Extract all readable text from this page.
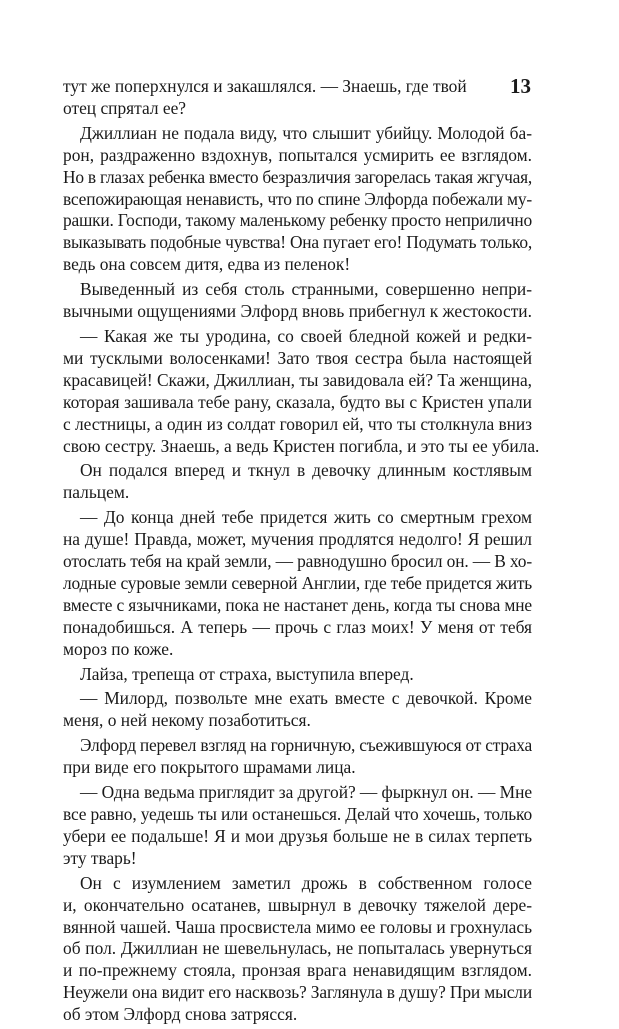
13
тут же поперхнулся и закашлялся. — Знаешь, где твой
отец спрятал ее?
Джиллиан не подала виду, что слышит убийцу. Молодой ба-
рон, раздраженно вздохнув, попытался усмирить ее взглядом.
Но в глазах ребенка вместо безразличия загорелась такая жгучая,
всепожирающая ненависть, что по спине Элфорда побежали му-
рашки. Господи, такому маленькому ребенку просто неприлично
выказывать подобные чувства! Она пугает его! Подумать только,
ведь она совсем дитя, едва из пеленок!
Выведенный из себя столь странными, совершенно непри-
вычными ощущениями Элфорд вновь прибегнул к жестокости.
— Какая же ты уродина, со своей бледной кожей и редки-
ми тусклыми волосенками! Зато твоя сестра была настоящей
красавицей! Скажи, Джиллиан, ты завидовала ей? Та женщина,
которая зашивала тебе рану, сказала, будто вы с Кристен упали
с лестницы, а один из солдат говорил ей, что ты столкнула вниз
свою сестру. Знаешь, а ведь Кристен погибла, и это ты ее убила.
Он подался вперед и ткнул в девочку длинным костлявым
пальцем.
— До конца дней тебе придется жить со смертным грехом
на душе! Правда, может, мучения продлятся недолго! Я решил
отослать тебя на край земли, — равнодушно бросил он. — В хо-
лодные суровые земли северной Англии, где тебе придется жить
вместе с язычниками, пока не настанет день, когда ты снова мне
понадобишься. А теперь — прочь с глаз моих! У меня от тебя
мороз по коже.
Лайза, трепеща от страха, выступила вперед.
— Милорд, позвольте мне ехать вместе с девочкой. Кроме
меня, о ней некому позаботиться.
Элфорд перевел взгляд на горничную, съежившуюся от страха
при виде его покрытого шрамами лица.
— Одна ведьма приглядит за другой? — фыркнул он. — Мне
все равно, уедешь ты или останешься. Делай что хочешь, только
убери ее подальше! Я и мои друзья больше не в силах терпеть
эту тварь!
Он с изумлением заметил дрожь в собственном голосе
и, окончательно осатанев, швырнул в девочку тяжелой дере-
вянной чашей. Чаша просвистела мимо ее головы и грохнулась
об пол. Джиллиан не шевельнулась, не попыталась увернуться
и по-прежнему стояла, пронзая врага ненавидящим взглядом.
Неужели она видит его насквозь? Заглянула в душу? При мысли
об этом Элфорд снова затрясся.
